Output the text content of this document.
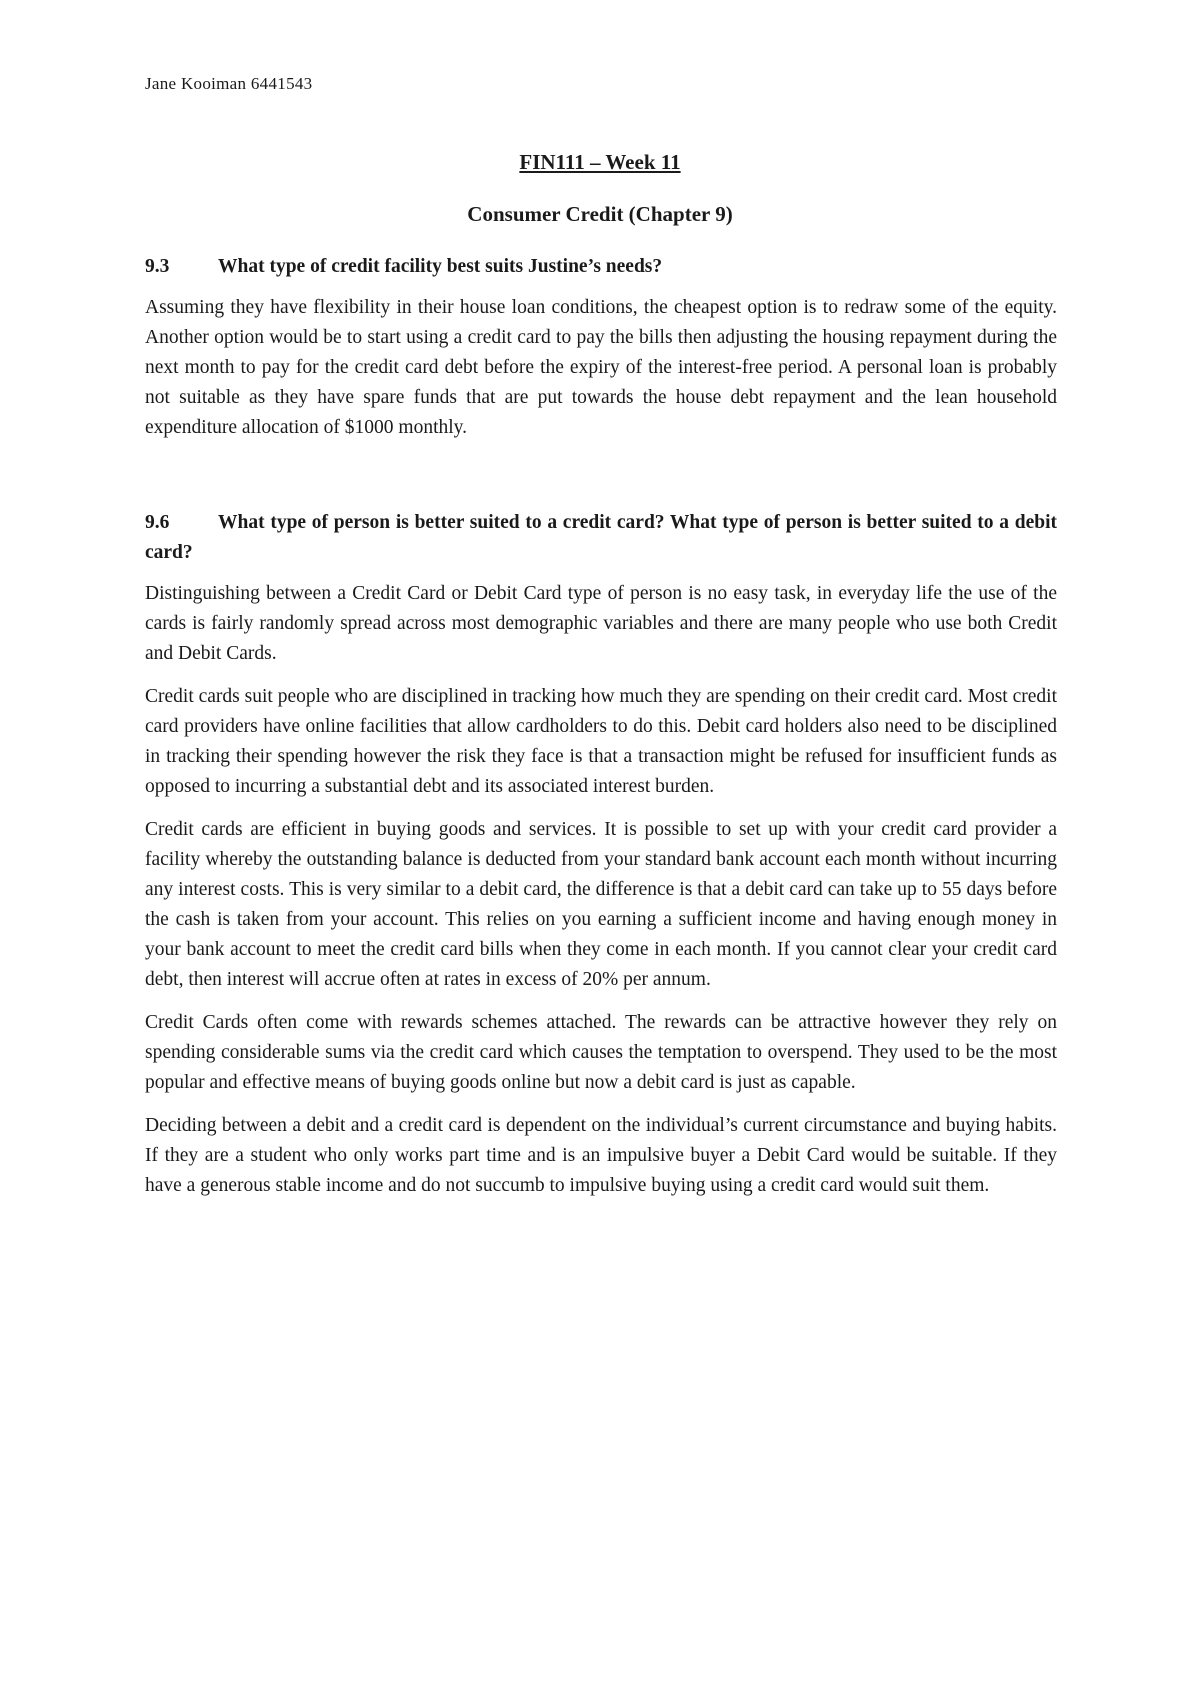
Jane Kooiman 6441543
FIN111 – Week 11
Consumer Credit (Chapter 9)
9.3 What type of credit facility best suits Justine’s needs?

Assuming they have flexibility in their house loan conditions, the cheapest option is to redraw some of the equity. Another option would be to start using a credit card to pay the bills then adjusting the housing repayment during the next month to pay for the credit card debt before the expiry of the interest-free period. A personal loan is probably not suitable as they have spare funds that are put towards the house debt repayment and the lean household expenditure allocation of $1000 monthly.

9.6 What type of person is better suited to a credit card? What type of person is better suited to a debit card?

Distinguishing between a Credit Card or Debit Card type of person is no easy task, in everyday life the use of the cards is fairly randomly spread across most demographic variables and there are many people who use both Credit and Debit Cards.

Credit cards suit people who are disciplined in tracking how much they are spending on their credit card. Most credit card providers have online facilities that allow cardholders to do this. Debit card holders also need to be disciplined in tracking their spending however the risk they face is that a transaction might be refused for insufficient funds as opposed to incurring a substantial debt and its associated interest burden.

Credit cards are efficient in buying goods and services. It is possible to set up with your credit card provider a facility whereby the outstanding balance is deducted from your standard bank account each month without incurring any interest costs. This is very similar to a debit card, the difference is that a debit card can take up to 55 days before the cash is taken from your account. This relies on you earning a sufficient income and having enough money in your bank account to meet the credit card bills when they come in each month. If you cannot clear your credit card debt, then interest will accrue often at rates in excess of 20% per annum.

Credit Cards often come with rewards schemes attached. The rewards can be attractive however they rely on spending considerable sums via the credit card which causes the temptation to overspend. They used to be the most popular and effective means of buying goods online but now a debit card is just as capable.

Deciding between a debit and a credit card is dependent on the individual’s current circumstance and buying habits. If they are a student who only works part time and is an impulsive buyer a Debit Card would be suitable. If they have a generous stable income and do not succumb to impulsive buying using a credit card would suit them.
